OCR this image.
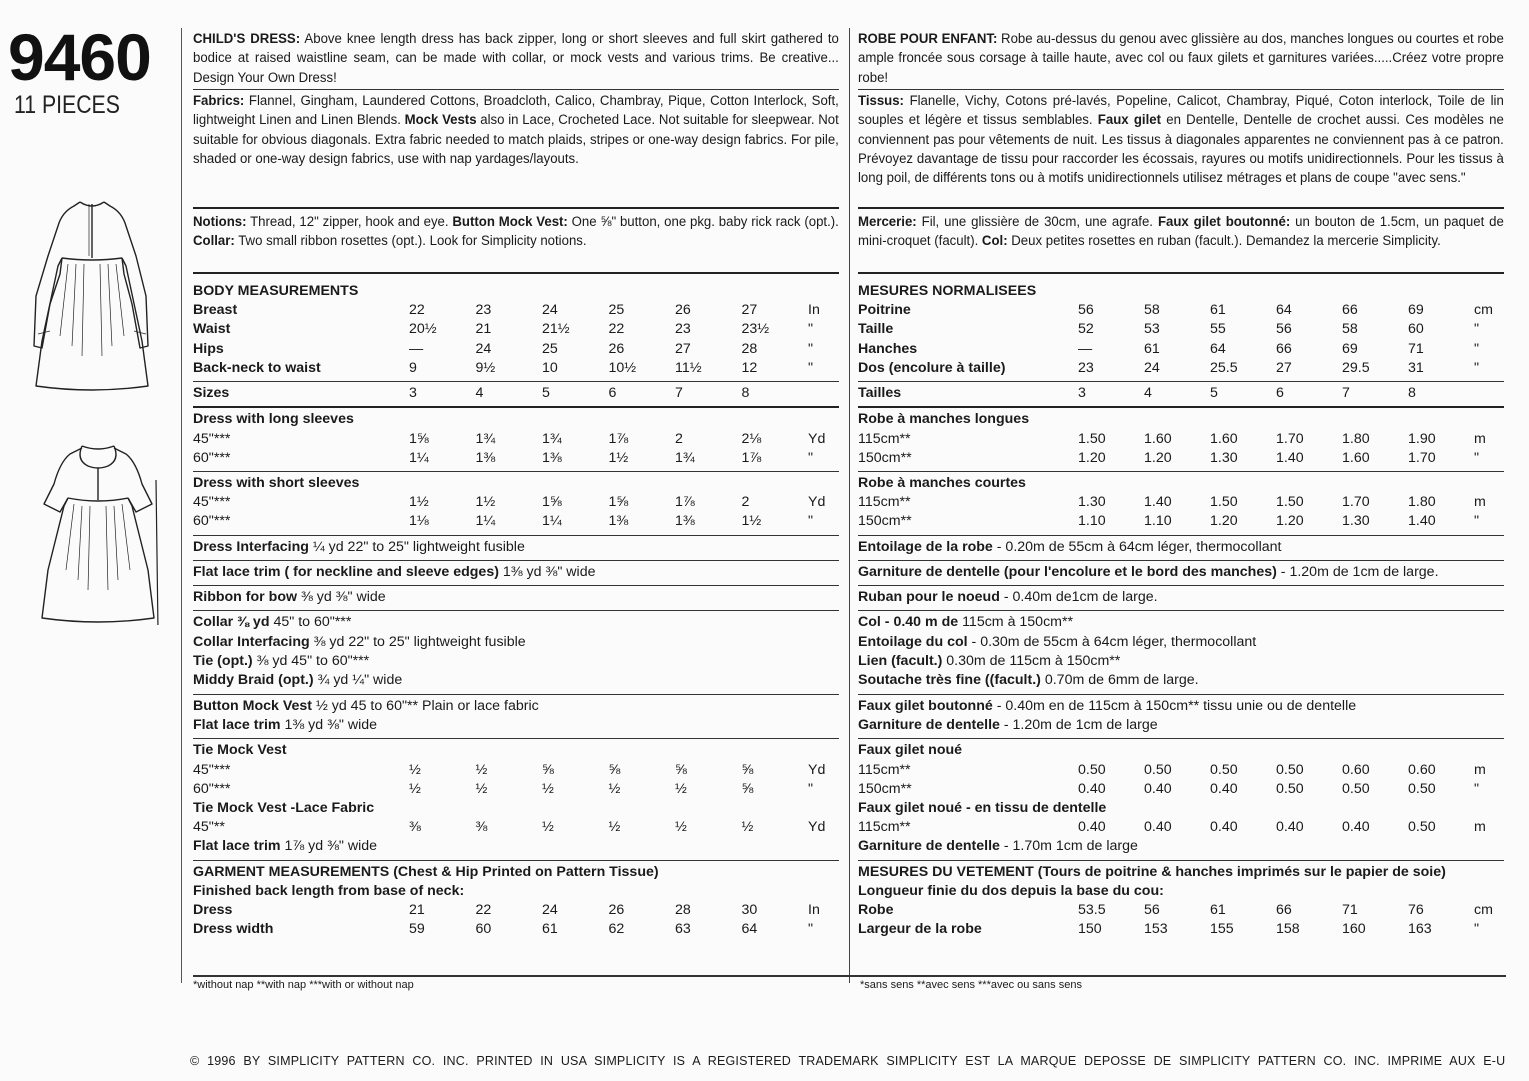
9460
11 PIECES
CHILD'S DRESS: Above knee length dress has back zipper, long or short sleeves and full skirt gathered to bodice at raised waistline seam, can be made with collar, or mock vests and various trims. Be creative... Design Your Own Dress!
Fabrics: Flannel, Gingham, Laundered Cottons, Broadcloth, Calico, Chambray, Pique, Cotton Interlock, Soft, lightweight Linen and Linen Blends. Mock Vests also in Lace, Crocheted Lace. Not suitable for sleepwear. Not suitable for obvious diagonals. Extra fabric needed to match plaids, stripes or one-way design fabrics. For pile, shaded or one-way design fabrics, use with nap yardages/layouts.
Notions: Thread, 12" zipper, hook and eye. Button Mock Vest: One ⅝" button, one pkg. baby rick rack (opt.). Collar: Two small ribbon rosettes (opt.). Look for Simplicity notions.
BODY MEASUREMENTS
Breast	22	23	24	25	26	27	In
Waist	20½	21	21½	22	23	23½	"
Hips	—	24	25	26	27	28	"
Back-neck to waist	9	9½	10	10½	11½	12	"
Sizes	3	4	5	6	7	8
Dress with long sleeves
45"***	1⅝	1¾	1¾	1⅞	2	2⅛	Yd
60"***	1¼	1⅜	1⅜	1½	1¾	1⅞	"
Dress with short sleeves
45"***	1½	1½	1⅝	1⅝	1⅞	2	Yd
60"***	1⅛	1¼	1¼	1⅜	1⅜	1½	"
Dress Interfacing ¼ yd 22" to 25" lightweight fusible
Flat lace trim ( for neckline and sleeve edges) 1⅜ yd ⅜" wide
Ribbon for bow ⅜ yd ⅜" wide
Collar ⅜ yd 45" to 60"***
Collar Interfacing ⅜ yd 22" to 25" lightweight fusible
Tie (opt.) ⅜ yd 45" to 60"***
Middy Braid (opt.) ¾ yd ¼" wide
Button Mock Vest ½ yd 45 to 60"** Plain or lace fabric
Flat lace trim 1⅜ yd ⅜" wide
Tie Mock Vest
45"***	½	½	⅝	⅝	⅝	⅝	Yd
60"***	½	½	½	½	½	⅝	"
Tie Mock Vest -Lace Fabric
45"**	⅜	⅜	½	½	½	½	Yd
Flat lace trim 1⅞ yd ⅜" wide
GARMENT MEASUREMENTS (Chest & Hip Printed on Pattern Tissue)
Finished back length from base of neck:
Dress	21	22	24	26	28	30	In
Dress width	59	60	61	62	63	64	"
ROBE POUR ENFANT: Robe au-dessus du genou avec glissière au dos, manches longues ou courtes et robe ample froncée sous corsage à taille haute, avec col ou faux gilets et garnitures variées.....Créez votre propre robe!
Tissus: Flanelle, Vichy, Cotons pré-lavés, Popeline, Calicot, Chambray, Piqué, Coton interlock, Toile de lin souples et légère et tissus semblables. Faux gilet en Dentelle, Dentelle de crochet aussi. Ces modèles ne conviennent pas pour vêtements de nuit. Les tissus à diagonales apparentes ne conviennent pas à ce patron. Prévoyez davantage de tissu pour raccorder les écossais, rayures ou motifs unidirectionnels. Pour les tissus à long poil, de différents tons ou à motifs unidirectionnels utilisez métrages et plans de coupe "avec sens."
Mercerie: Fil, une glissière de 30cm, une agrafe. Faux gilet boutonné: un bouton de 1.5cm, un paquet de mini-croquet (facult). Col: Deux petites rosettes en ruban (facult.). Demandez la mercerie Simplicity.
MESURES NORMALISEES
Poitrine	56	58	61	64	66	69	cm
Taille	52	53	55	56	58	60	"
Hanches	—	61	64	66	69	71	"
Dos (encolure à taille)	23	24	25.5	27	29.5	31	"
Tailles	3	4	5	6	7	8
Robe à manches longues
115cm**	1.50	1.60	1.60	1.70	1.80	1.90	m
150cm**	1.20	1.20	1.30	1.40	1.60	1.70	"
Robe à manches courtes
115cm**	1.30	1.40	1.50	1.50	1.70	1.80	m
150cm**	1.10	1.10	1.20	1.20	1.30	1.40	"
Entoilage de la robe - 0.20m de 55cm à 64cm léger, thermocollant
Garniture de dentelle (pour l'encolure et le bord des manches) - 1.20m de 1cm de large.
Ruban pour le noeud - 0.40m de1cm de large.
Col - 0.40 m de 115cm à 150cm**
Entoilage du col - 0.30m de 55cm à 64cm léger, thermocollant
Lien (facult.) 0.30m de 115cm à 150cm**
Soutache très fine ((facult.) 0.70m de 6mm de large.
Faux gilet boutonné - 0.40m en de 115cm à 150cm** tissu unie ou de dentelle
Garniture de dentelle - 1.20m de 1cm de large
Faux gilet noué
115cm**	0.50	0.50	0.50	0.50	0.60	0.60	m
150cm**	0.40	0.40	0.40	0.50	0.50	0.50	"
Faux gilet noué - en tissu de dentelle
115cm**	0.40	0.40	0.40	0.40	0.40	0.50	m
Garniture de dentelle - 1.70m 1cm de large
MESURES DU VETEMENT (Tours de poitrine & hanches imprimés sur le papier de soie)
Longueur finie du dos depuis la base du cou:
Robe	53.5	56	61	66	71	76	cm
Largeur de la robe	150	153	155	158	160	163	"
*without nap **with nap ***with or without nap	*sans sens **avec sens ***avec ou sans sens
© 1996 BY SIMPLICITY PATTERN CO. INC. PRINTED IN USA SIMPLICITY IS A REGISTERED TRADEMARK SIMPLICITY EST LA MARQUE DEPOSSE DE SIMPLICITY PATTERN CO. INC. IMPRIME AUX E-U
